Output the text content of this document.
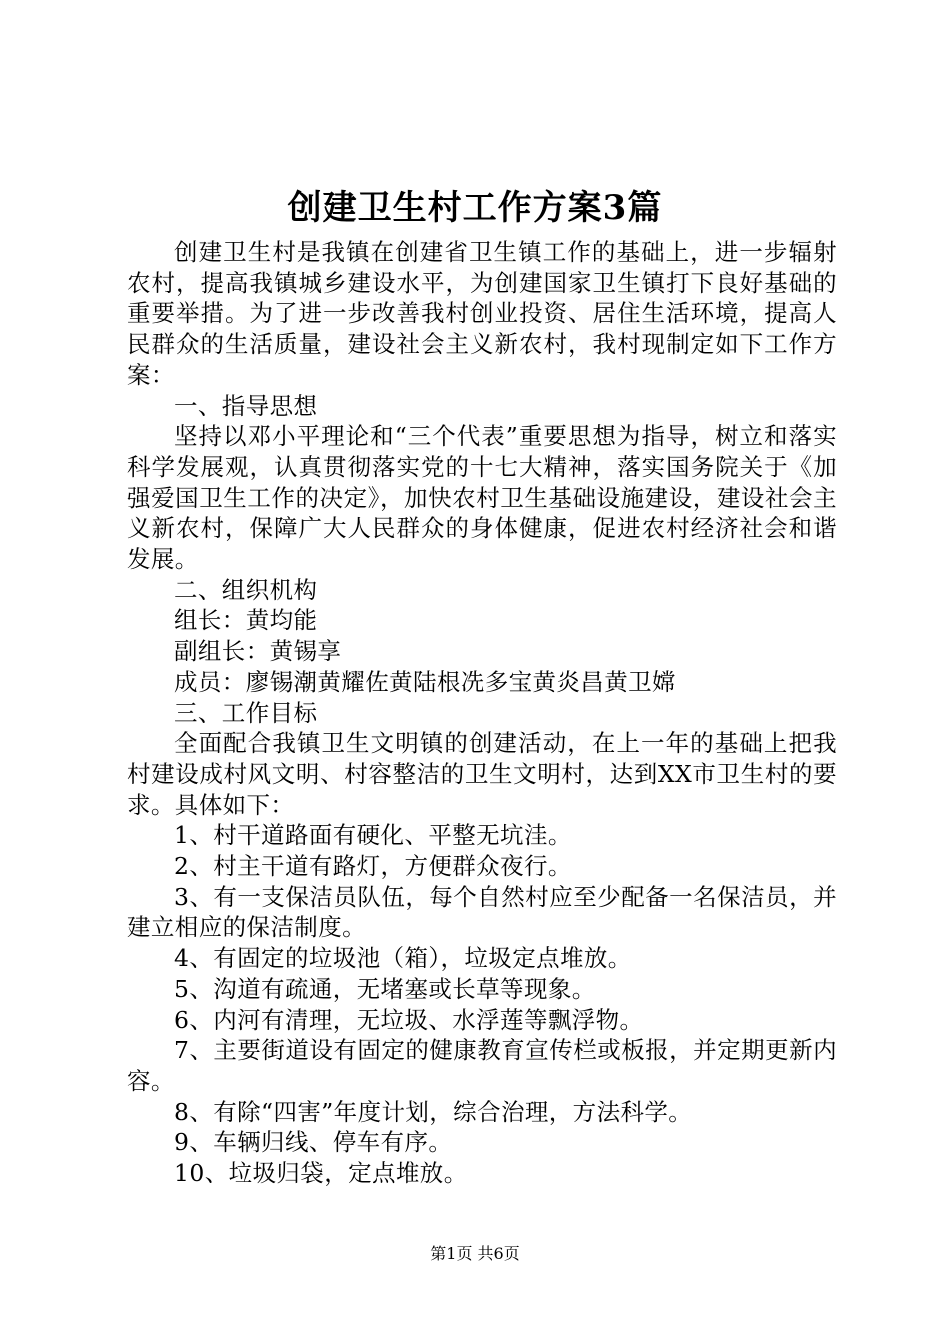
创建卫生村工作方案3篇

创建卫生村是我镇在创建省卫生镇工作的基础上，进一步辐射农村，提高我镇城乡建设水平，为创建国家卫生镇打下良好基础的重要举措。为了进一步改善我村创业投资、居住生活环境，提高人民群众的生活质量，建设社会主义新农村，我村现制定如下工作方案：

一、指导思想

坚持以邓小平理论和“三个代表”重要思想为指导，树立和落实科学发展观，认真贯彻落实党的十七大精神，落实国务院关于《加强爱国卫生工作的决定》，加快农村卫生基础设施建设，建设社会主义新农村，保障广大人民群众的身体健康，促进农村经济社会和谐发展。

二、组织机构

组长：黄均能

副组长：黄锡享

成员：廖锡潮黄耀佐黄陆根冼多宝黄炎昌黄卫嫦

三、工作目标

全面配合我镇卫生文明镇的创建活动，在上一年的基础上把我村建设成村风文明、村容整洁的卫生文明村，达到XX市卫生村的要求。具体如下：

1、村干道路面有硬化、平整无坑洼。

2、村主干道有路灯，方便群众夜行。

3、有一支保洁员队伍，每个自然村应至少配备一名保洁员，并建立相应的保洁制度。

4、有固定的垃圾池（箱），垃圾定点堆放。

5、沟道有疏通，无堵塞或长草等现象。

6、内河有清理，无垃圾、水浮莲等飘浮物。

7、主要街道设有固定的健康教育宣传栏或板报，并定期更新内容。

8、有除“四害”年度计划，综合治理，方法科学。

9、车辆归线、停车有序。

10、垃圾归袋，定点堆放。

第1页 共6页
